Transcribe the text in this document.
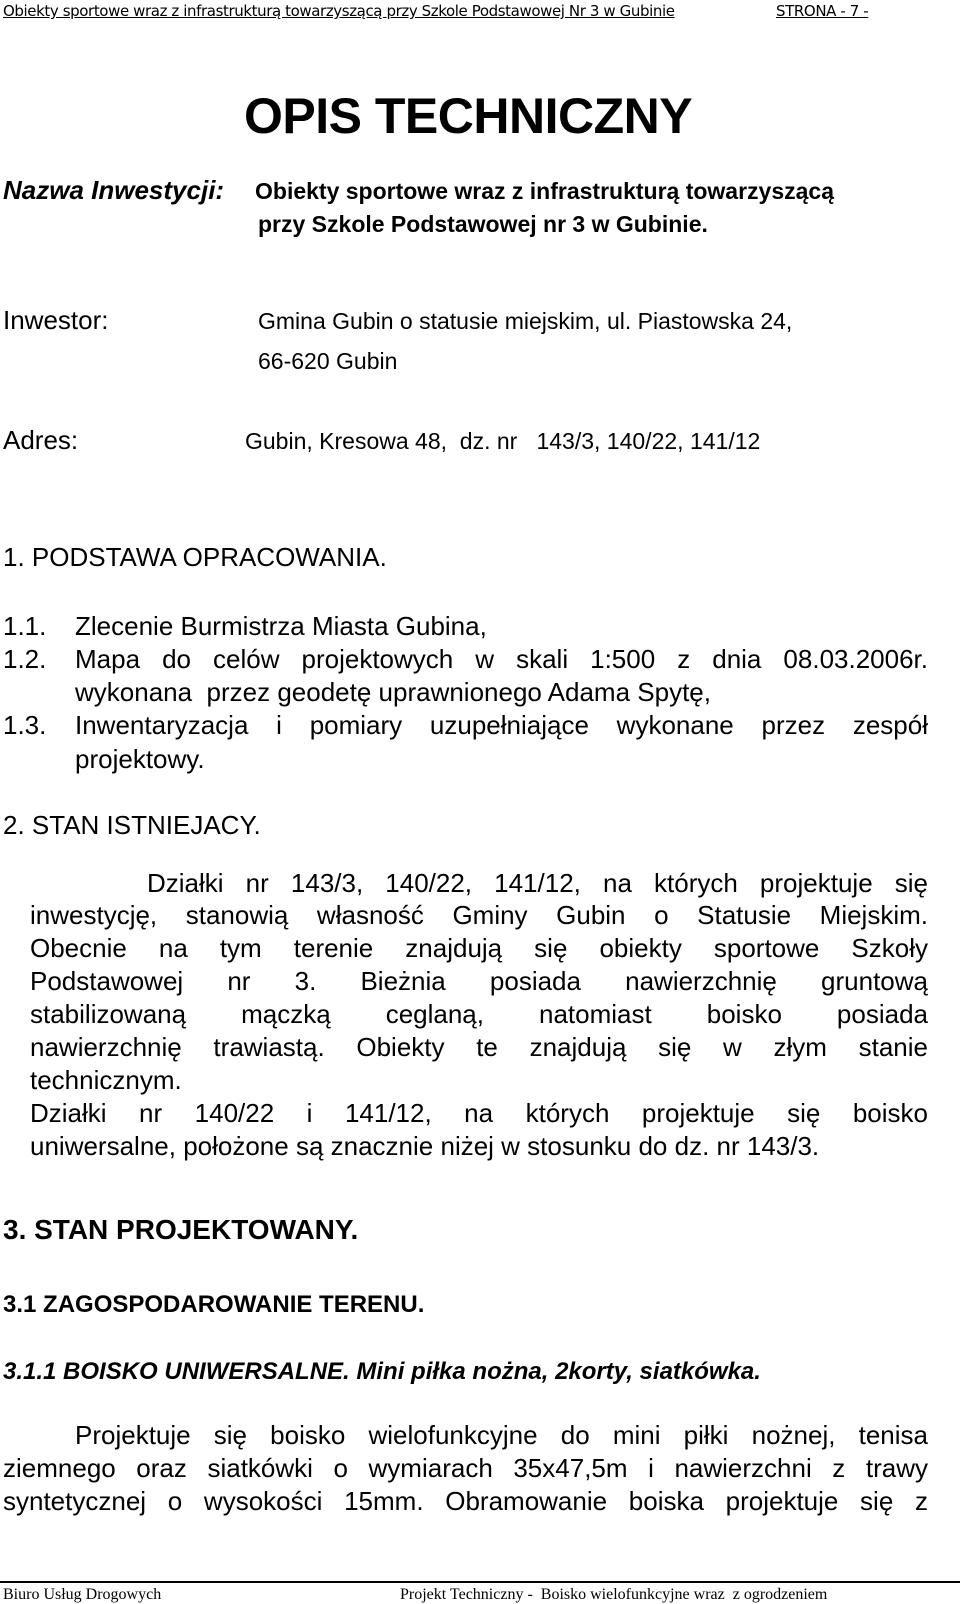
Obiekty sportowe wraz z infrastrukturą towarzyszącą przy Szkole Podstawowej Nr 3 w Gubinie	STRONA - 7 -
OPIS TECHNICZNY
Nazwa Inwestycji: Obiekty sportowe wraz z infrastrukturą towarzyszącą
przy Szkole Podstawowej nr 3 w Gubinie.
Inwestor:	Gmina Gubin o statusie miejskim, ul. Piastowska 24,
66-620 Gubin
Adres:	Gubin, Kresowa 48,  dz. nr   143/3, 140/22, 141/12
1. PODSTAWA OPRACOWANIA.
1.1. Zlecenie Burmistrza Miasta Gubina,
1.2. Mapa do celów projektowych w skali 1:500 z dnia 08.03.2006r.
wykonana  przez geodetę uprawnionego Adama Spytę,
1.3. Inwentaryzacja i pomiary uzupełniające wykonane przez zespół
projektowy.
2. STAN ISTNIEJACY.
Działki nr 143/3, 140/22, 141/12, na których projektuje się
inwestycję, stanowią własność Gminy Gubin o Statusie Miejskim.
Obecnie na tym terenie znajdują się obiekty sportowe Szkoły
Podstawowej nr 3. Bieżnia posiada nawierzchnię gruntową
stabilizowaną mączką ceglaną, natomiast boisko posiada
nawierzchnię trawiastą. Obiekty te znajdują się w złym stanie
technicznym.
Działki nr 140/22 i 141/12, na których projektuje się boisko
uniwersalne, położone są znacznie niżej w stosunku do dz. nr 143/3.
3. STAN PROJEKTOWANY.
3.1 ZAGOSPODAROWANIE TERENU.
3.1.1 BOISKO UNIWERSALNE. Mini piłka nożna, 2korty, siatkówka.
Projektuje się boisko wielofunkcyjne do mini piłki nożnej, tenisa
ziemnego oraz siatkówki o wymiarach 35x47,5m i nawierzchni z trawy
syntetycznej o wysokości 15mm. Obramowanie boiska projektuje się z
Biuro Usług Drogowych	Projekt Techniczny -  Boisko wielofunkcyjne wraz  z ogrodzeniem
